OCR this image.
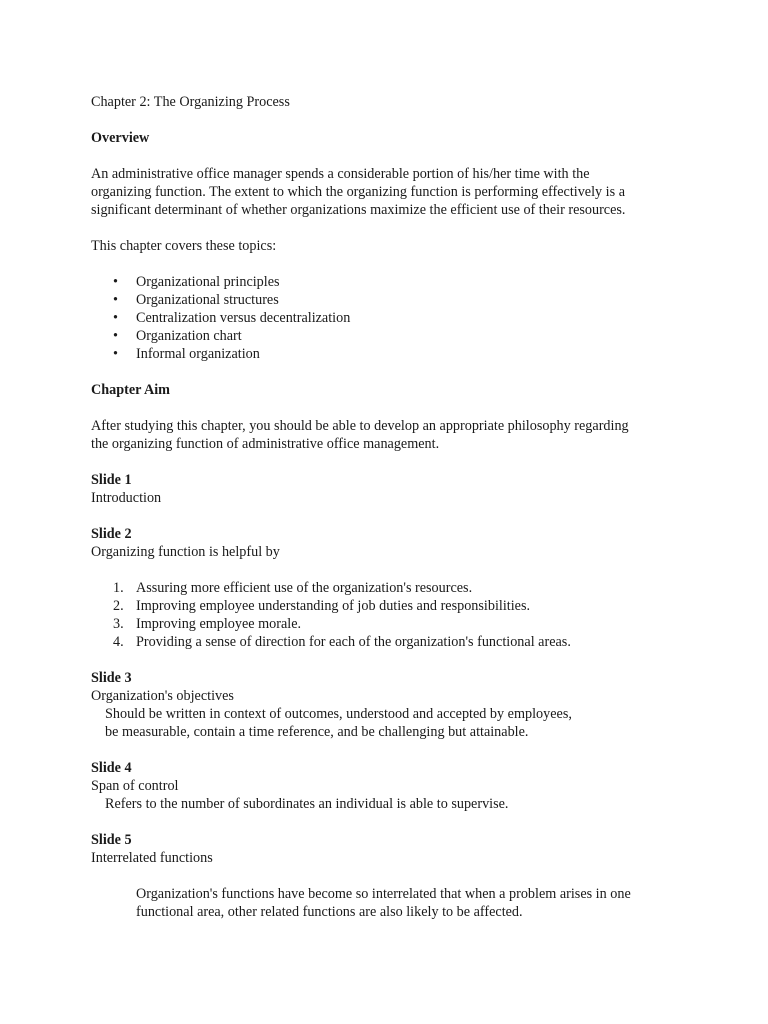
Chapter 2: The Organizing Process

Overview

An administrative office manager spends a considerable portion of his/her time with the

organizing function. The extent to which the organizing function is performing effectively is a

significant determinant of whether organizations maximize the efficient use of their resources.

This chapter covers these topics:

• Organizational principles
• Organizational structures
• Centralization versus decentralization
• Organization chart
• Informal organization

Chapter Aim

After studying this chapter, you should be able to develop an appropriate philosophy regarding

the organizing function of administrative office management.

Slide 1

Introduction

Slide 2

Organizing function is helpful by

1. Assuring more efficient use of the organization's resources.
2. Improving employee understanding of job duties and responsibilities.
3. Improving employee morale.
4. Providing a sense of direction for each of the organization's functional areas.

Slide 3

Organization's objectives

Should be written in context of outcomes, understood and accepted by employees,

be measurable, contain a time reference, and be challenging but attainable.

Slide 4

Span of control

Refers to the number of subordinates an individual is able to supervise.

Slide 5

Interrelated functions

Organization's functions have become so interrelated that when a problem arises in one

functional area, other related functions are also likely to be affected.
